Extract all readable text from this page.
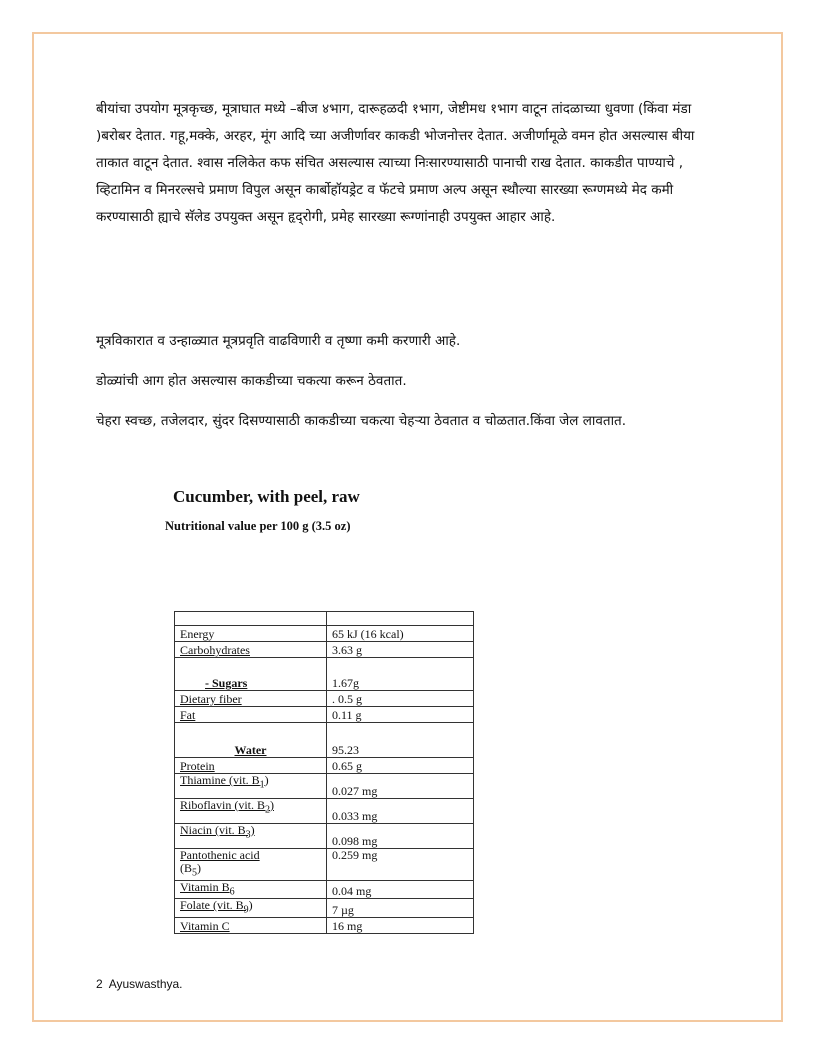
बीयांचा उपयोग मूत्रकृच्छ, मूत्राघात मध्ये –बीज ४भाग, दारूहळदी १भाग, जेष्टीमध १भाग वाटून तांदळाच्या धुवणा (किंवा मंडा )बरोबर देतात. गहू,मक्के, अरहर, मूंग आदि च्या अजीर्णावर काकडी भोजनोत्तर देतात. अजीर्णामूळे वमन होत असल्यास बीया ताकात वाटून देतात. श्वास नलिकेत कफ संचित असल्यास त्याच्या निःसारण्यासाठी पानाची राख देतात. काकडीत पाण्याचे , व्हिटामिन व मिनरल्सचे प्रमाण विपुल असून कार्बोहॉयड्रेट व फॅटचे प्रमाण अल्प असून स्थौल्या सारख्या रूग्णमध्ये मेद कमी करण्यासाठी ह्याचे सॅलेड उपयुक्त असून हृद्‍रोगी, प्रमेह सारख्या रूग्णांनाही उपयुक्त आहार आहे.

मूत्रविकारात व उन्हाळ्यात मूत्रप्रवृति वाढविणारी व तृष्णा कमी करणारी आहे.

डोळ्यांची आग होत असल्यास काकडीच्या चकत्या करून ठेवतात.

चेहरा स्वच्छ, तजेलदार, सुंदर दिसण्यासाठी काकडीच्या चकत्या चेहऱ्या ठेवतात व चोळतात.किंवा जेल लावतात.

Cucumber, with peel, raw

Nutritional value per 100 g (3.5 oz)

Energy	65 kJ (16 kcal)
Carbohydrates	3.63 g
- Sugars	1.67g
Dietary fiber	. 0.5 g
Fat	0.11 g
Water	95.23
Protein	0.65 g
Thiamine (vit. $B_1$)	0.027 mg
Riboflavin (vit. $B_2$)	0.033 mg
Niacin (vit. $B_3$)	0.098 mg
Pantothenic acid
$(B_5)$	0.259 mg
Vitamin $B_6$	0.04 mg
Folate (vit. $B_9$)	7 µg
Vitamin C	16 mg
2 Ayuswasthya.
